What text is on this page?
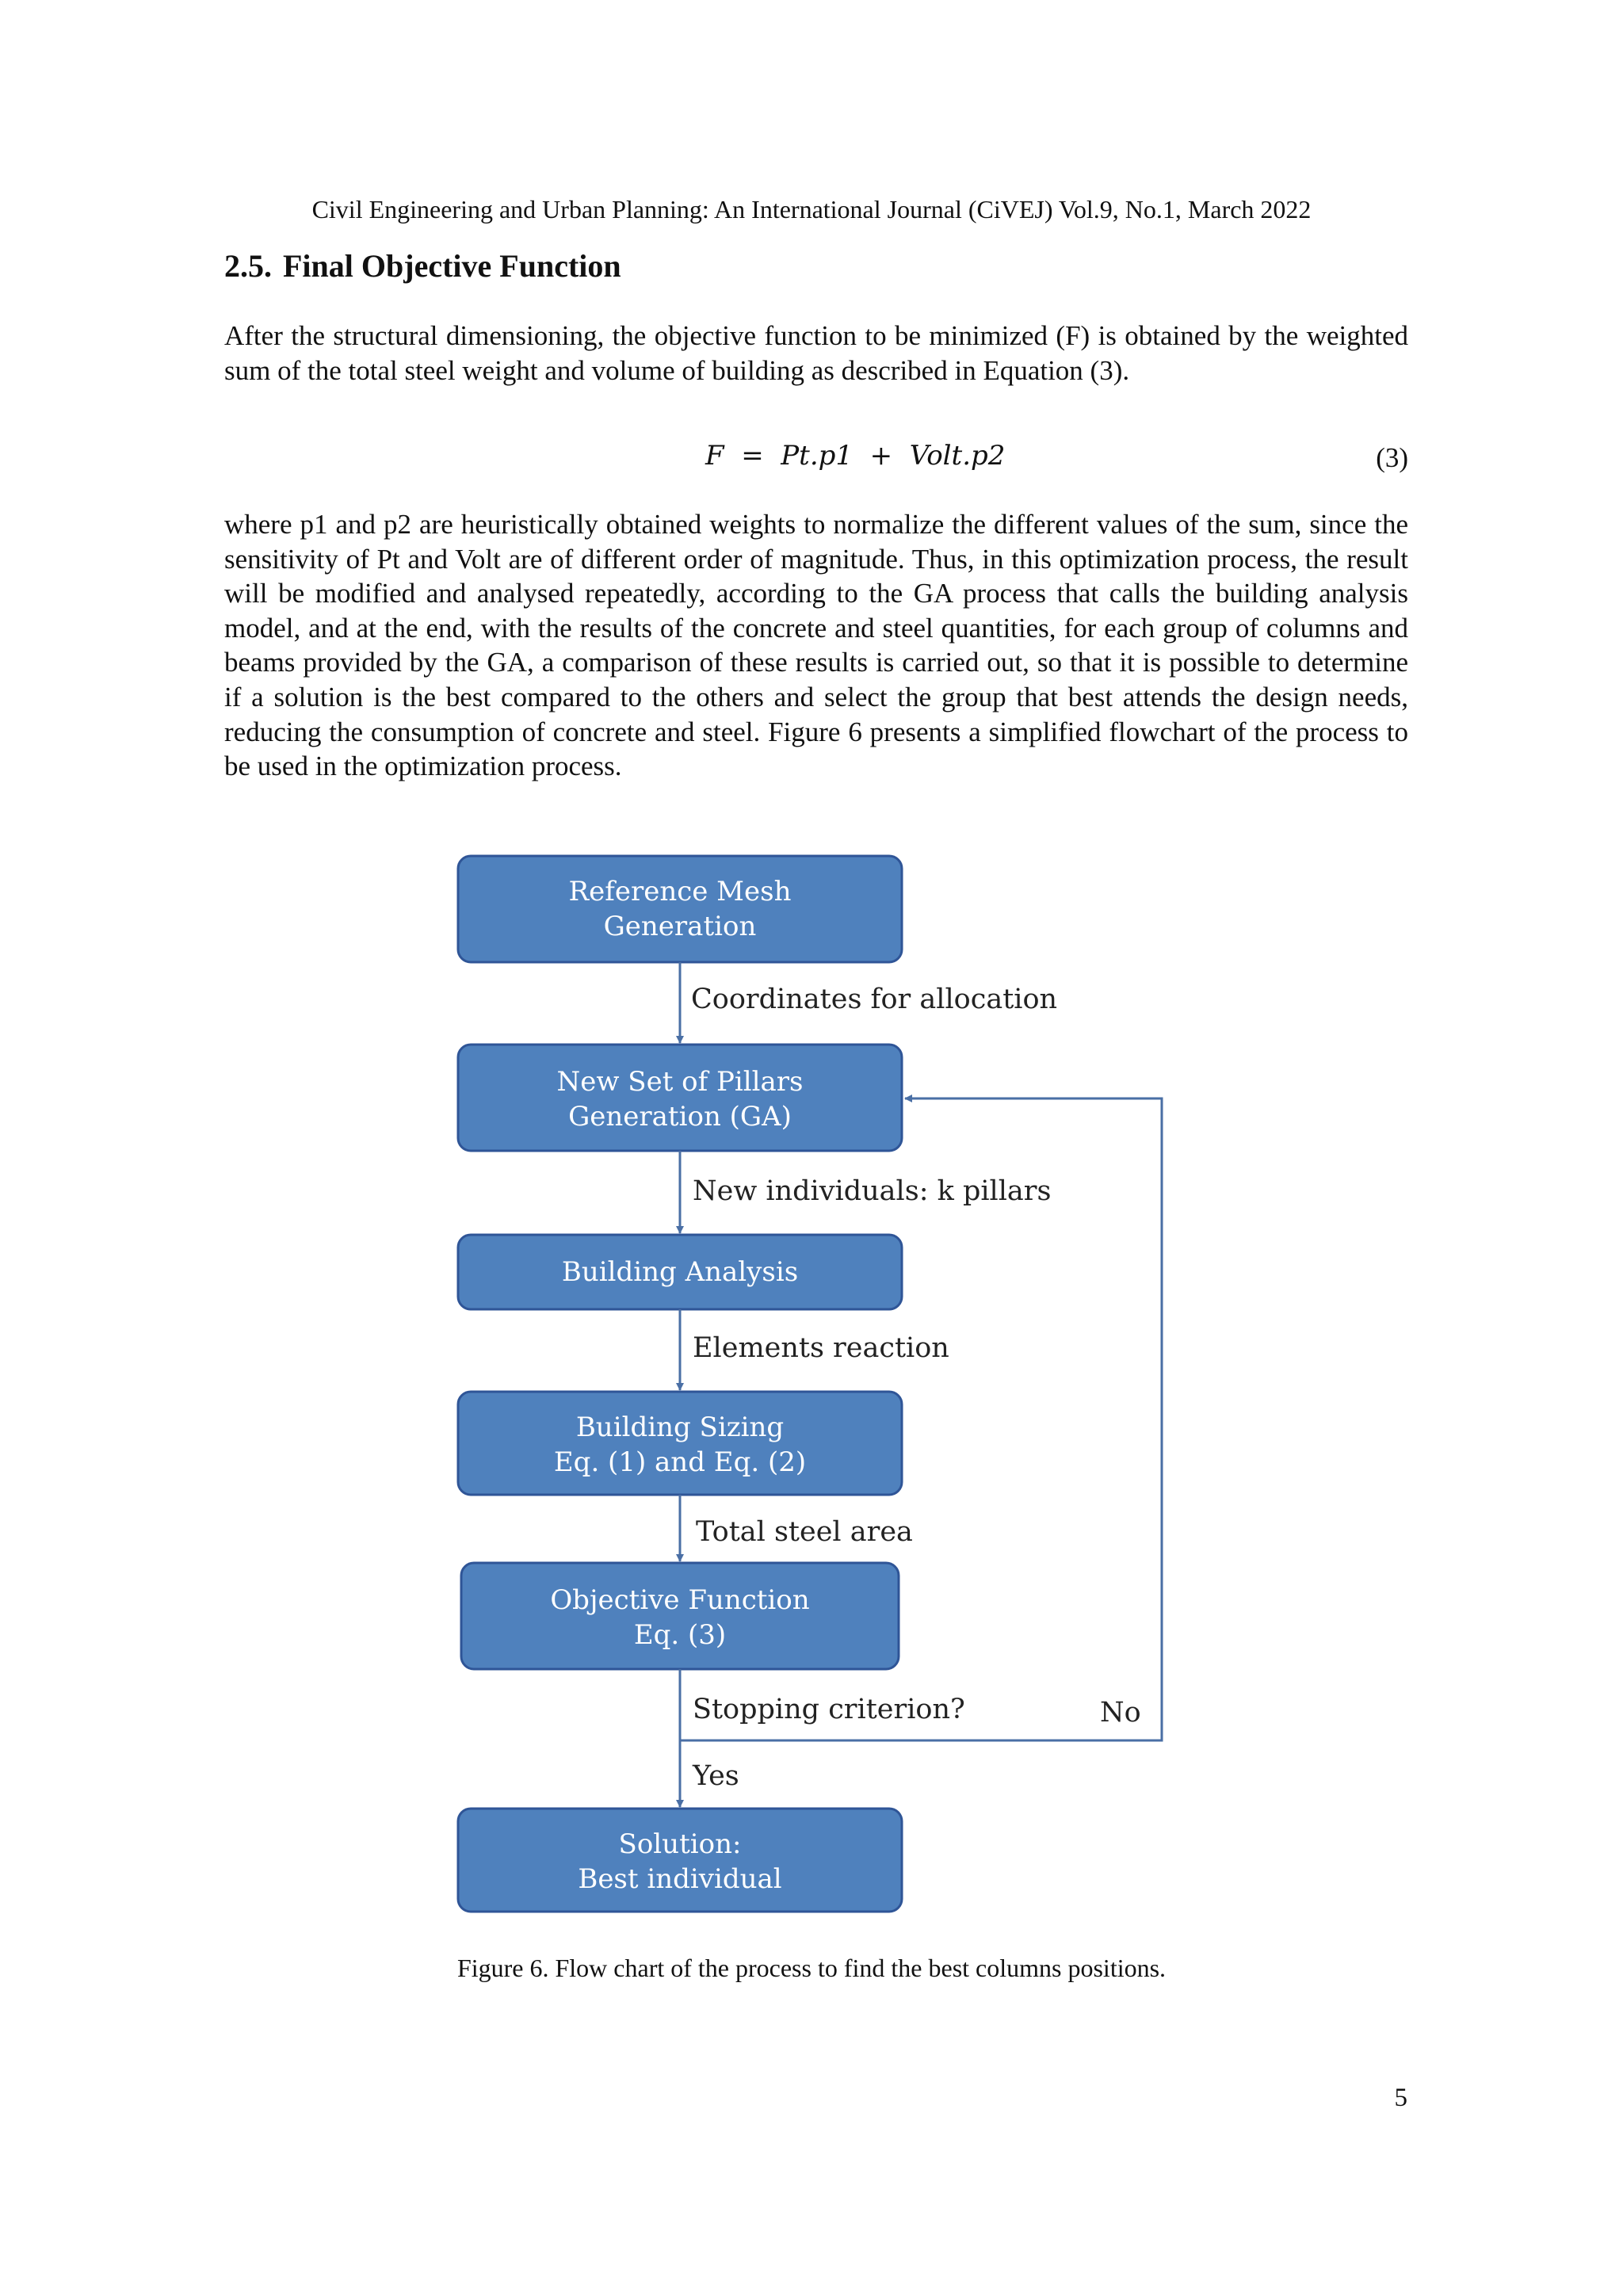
Civil Engineering and Urban Planning: An International Journal (CiVEJ) Vol.9, No.1, March 2022
2.5. Final Objective Function

After the structural dimensioning, the objective function to be minimized (F) is obtained by the weighted sum of the total steel weight and volume of building as described in Equation (3).

F  =  Pt.p1  +  Volt.p2	(3)

where p1 and p2 are heuristically obtained weights to normalize the different values of the sum, since the sensitivity of Pt and Volt are of different order of magnitude. Thus, in this optimization process, the result will be modified and analysed repeatedly, according to the GA process that calls the building analysis model, and at the end, with the results of the concrete and steel quantities, for each group of columns and beams provided by the GA, a comparison of these results is carried out, so that it is possible to determine if a solution is the best compared to the others and select the group that best attends the design needs, reducing the consumption of concrete and steel. Figure 6 presents a simplified flowchart of the process to be used in the optimization process.

Reference Mesh
Generation
New Set of Pillars
Generation (GA)
Building Analysis
Building Sizing
Eq. (1) and Eq. (2)
Objective Function
Eq. (3)
Solution:
Best individual
Coordinates for allocation
New individuals: k pillars
Elements reaction
Total steel area
Stopping criterion?
Yes
No
Figure 6. Flow chart of the process to find the best columns positions.
5
